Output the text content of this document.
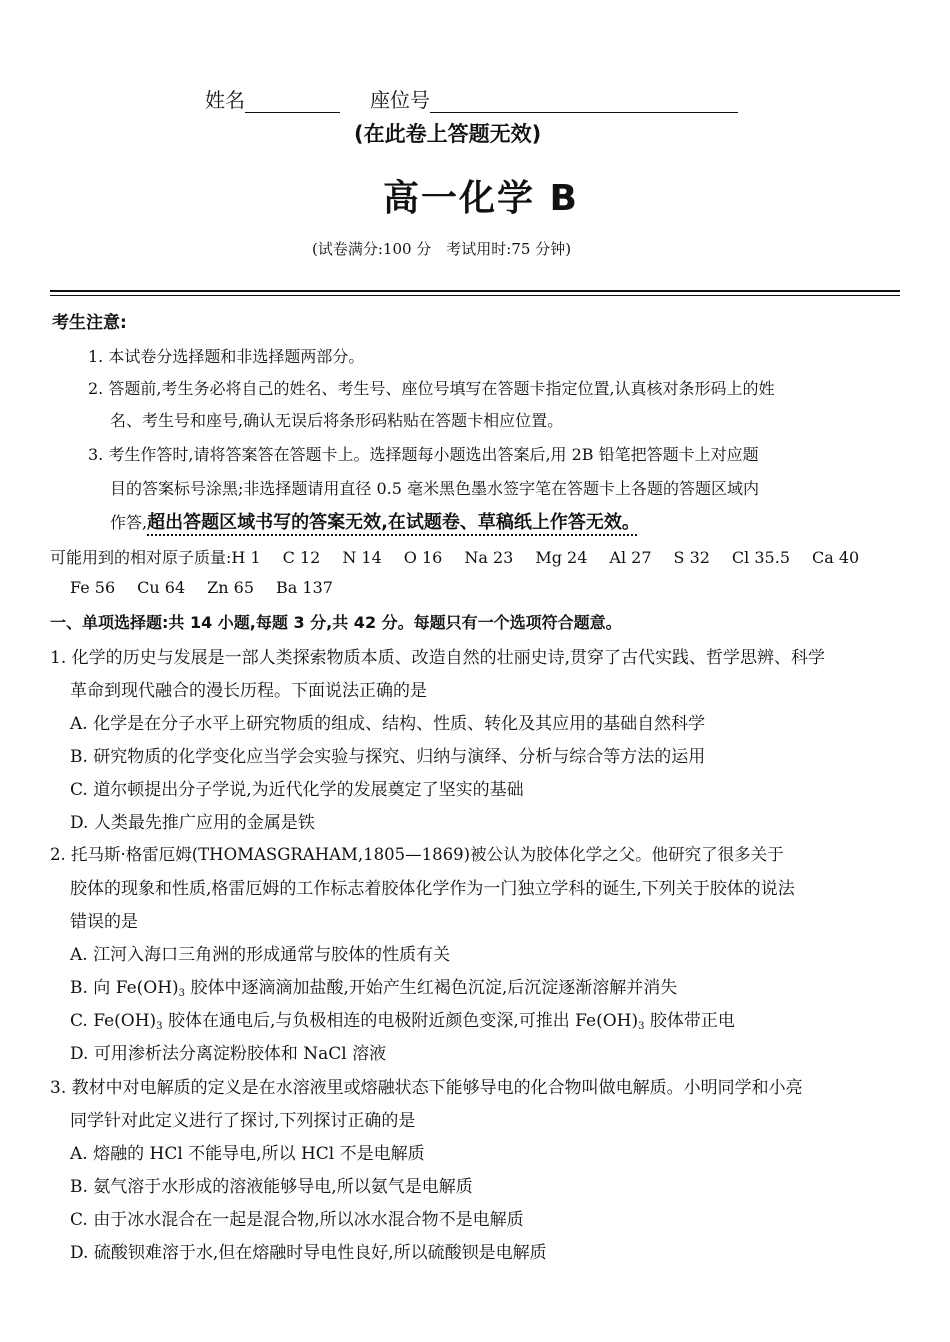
姓名	座位号
(在此卷上答题无效)
高一化学 B
(试卷满分:100 分　考试用时:75 分钟)
考生注意:
1. 本试卷分选择题和非选择题两部分。
2. 答题前,考生务必将自己的姓名、考生号、座位号填写在答题卡指定位置,认真核对条形码上的姓
名、考生号和座号,确认无误后将条形码粘贴在答题卡相应位置。
3. 考生作答时,请将答案答在答题卡上。选择题每小题选出答案后,用 2B 铅笔把答题卡上对应题
目的答案标号涂黑;非选择题请用直径 0.5 毫米黑色墨水签字笔在答题卡上各题的答题区域内
作答,超出答题区域书写的答案无效,在试题卷、草稿纸上作答无效。
可能用到的相对原子质量:H 1 C 12 N 14 O 16 Na 23 Mg 24 Al 27 S 32 Cl 35.5 Ca 40
Fe 56 Cu 64 Zn 65 Ba 137
一、单项选择题:共 14 小题,每题 3 分,共 42 分。每题只有一个选项符合题意。
1. 化学的历史与发展是一部人类探索物质本质、改造自然的壮丽史诗,贯穿了古代实践、哲学思辨、科学
革命到现代融合的漫长历程。下面说法正确的是
A. 化学是在分子水平上研究物质的组成、结构、性质、转化及其应用的基础自然科学
B. 研究物质的化学变化应当学会实验与探究、归纳与演绎、分析与综合等方法的运用
C. 道尔顿提出分子学说,为近代化学的发展奠定了坚实的基础
D. 人类最先推广应用的金属是铁
2. 托马斯·格雷厄姆(THOMASGRAHAM,1805—1869)被公认为胶体化学之父。他研究了很多关于
胶体的现象和性质,格雷厄姆的工作标志着胶体化学作为一门独立学科的诞生,下列关于胶体的说法
错误的是
A. 江河入海口三角洲的形成通常与胶体的性质有关
B. 向 $Fe(OH)_3$ 胶体中逐滴滴加盐酸,开始产生红褐色沉淀,后沉淀逐渐溶解并消失
C. $Fe(OH)_3$ 胶体在通电后,与负极相连的电极附近颜色变深,可推出 $Fe(OH)_3$ 胶体带正电
D. 可用渗析法分离淀粉胶体和 NaCl 溶液
3. 教材中对电解质的定义是在水溶液里或熔融状态下能够导电的化合物叫做电解质。小明同学和小亮
同学针对此定义进行了探讨,下列探讨正确的是
A. 熔融的 HCl 不能导电,所以 HCl 不是电解质
B. 氨气溶于水形成的溶液能够导电,所以氨气是电解质
C. 由于冰水混合在一起是混合物,所以冰水混合物不是电解质
D. 硫酸钡难溶于水,但在熔融时导电性良好,所以硫酸钡是电解质
